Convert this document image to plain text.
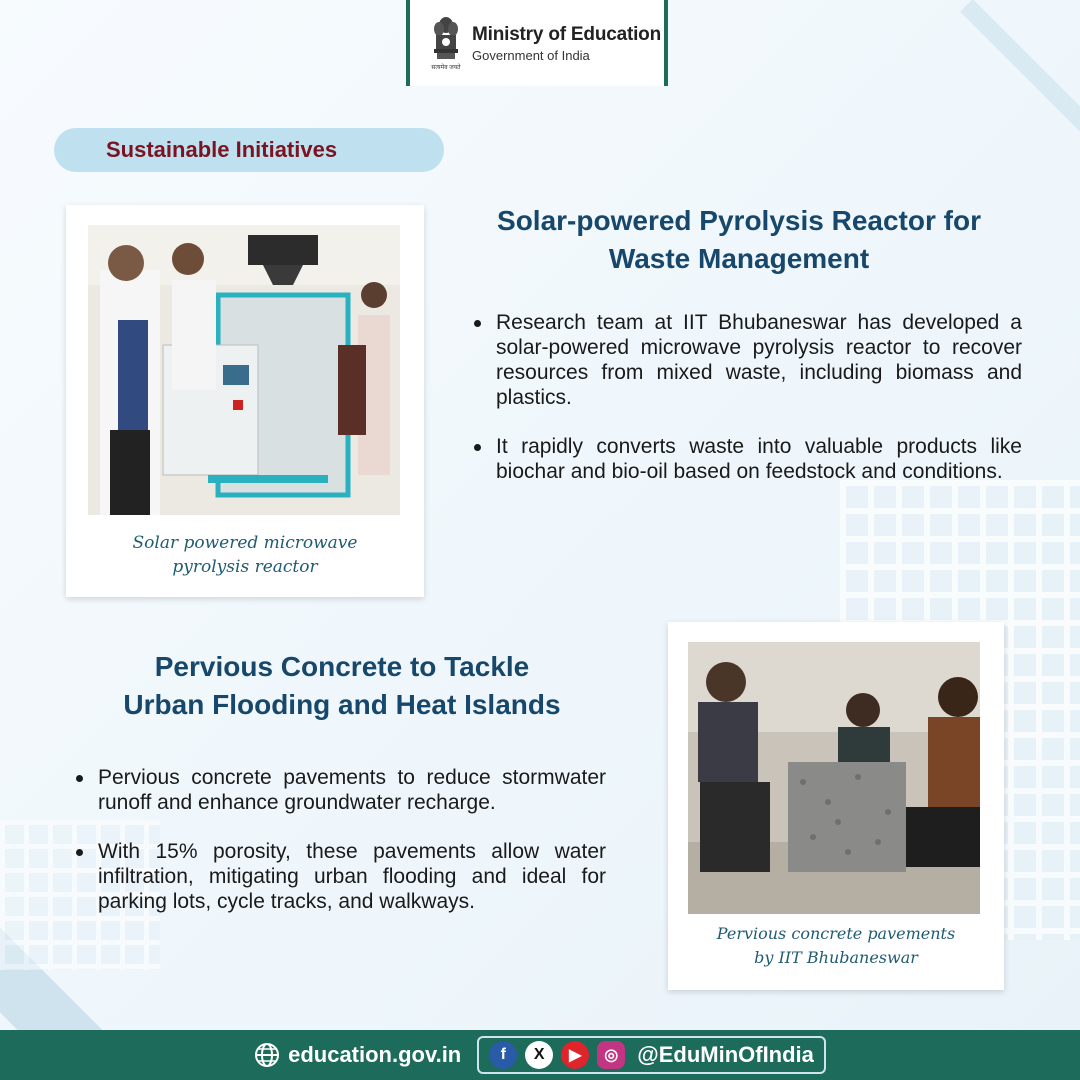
सत्यमेव जयते
Ministry of Education
Government of India
Sustainable Initiatives
Solar powered microwave pyrolysis reactor
Solar-powered Pyrolysis Reactor for
Waste Management
Research team at IIT Bhubaneswar has developed a solar-powered microwave pyrolysis reactor to recover resources from mixed waste, including biomass and plastics.
It rapidly converts waste into valuable products like biochar and bio-oil based on feedstock and conditions.
Pervious Concrete to Tackle
Urban Flooding and Heat Islands
Pervious concrete pavements to reduce stormwater runoff and enhance groundwater recharge.
With 15% porosity, these pavements allow water infiltration, mitigating urban flooding and ideal for parking lots, cycle tracks, and walkways.
Pervious concrete pavements by IIT Bhubaneswar
education.gov.in	f	X	▶	◎ @EduMinOfIndia
